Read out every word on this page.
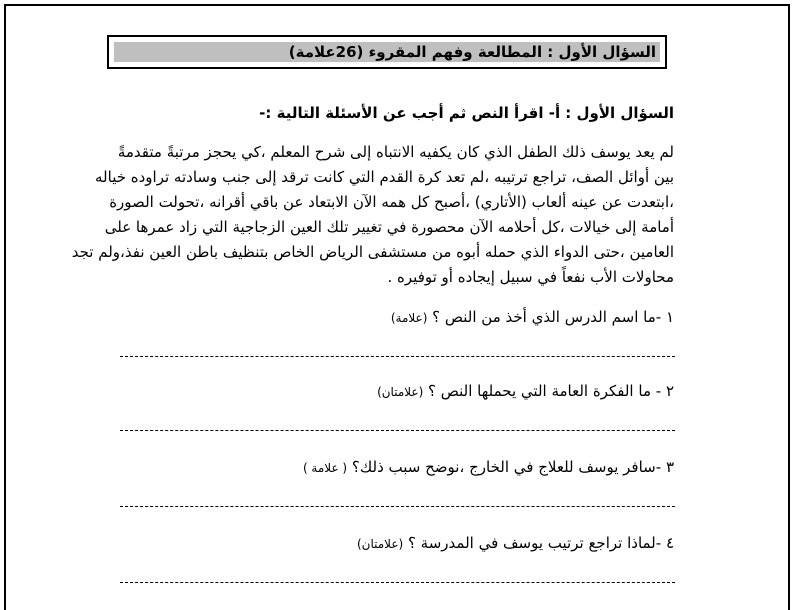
السؤال الأول : المطالعة وفهم المقروء (26علامة)
السؤال الأول : أ- اقرأ النص ثم أجب عن الأسئلة التالية :-
لم يعد يوسف ذلك الطفل الذي كان يكفيه الانتباه إلى شرح المعلم ،كي يحجز مرتبةً متقدمةً
بين أوائل الصف، تراجع ترتيبه ،لم تعد كرة القدم التي كانت ترقد إلى جنب وسادته تراوده خياله
،ابتعدت عن عينه ألعاب (الأتاري) ،أصبح كل همه الآن الابتعاد عن باقي أقرانه ،تحولت الصورة
أمامة إلى خيالات ،كل أحلامه الآن محصورة في تغيير تلك العين الزجاجية التي زاد عمرها على
العامين ،حتى الدواء الذي حمله أبوه من مستشفى الرياض الخاص بتنظيف باطن العين نفذ،ولم تجد
محاولات الأب نفعاً في سبيل إيجاده أو توفيره .
١ -ما اسم الدرس الذي أخذ من النص ؟ (علامة)
٢ - ما الفكرة العامة التي يحملها النص ؟ (علامتان)
٣ -سافر يوسف للعلاج في الخارج ،نوضح سبب ذلك؟ ( علامة )
٤ -لماذا تراجع ترتيب يوسف في المدرسة ؟ (علامتان)
